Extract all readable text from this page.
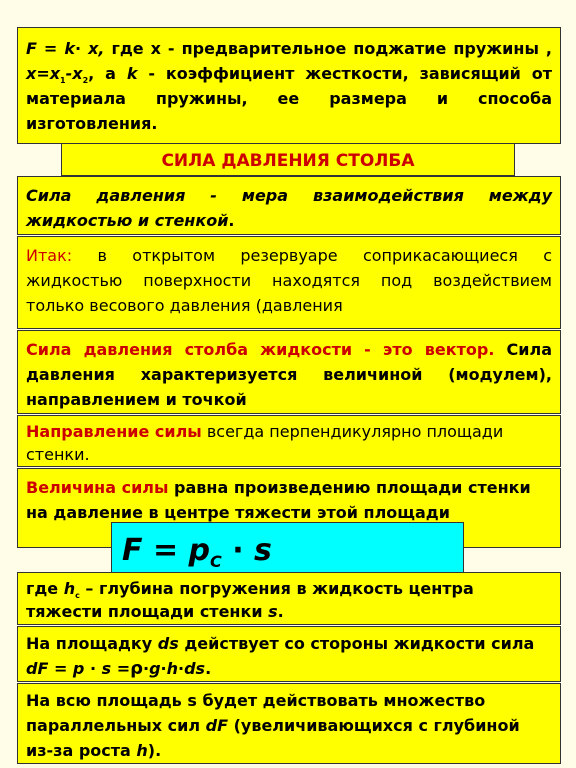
F = k· x, где x - предварительное поджатие пружины , $x=x_1-x_2$, а k - коэффициент жесткости, зависящий от материала пружины, ее размера и способа изготовления.

СИЛА ДАВЛЕНИЯ СТОЛБА

Сила давления - мера взаимодействия между жидкостью и стенкой.

Итак: в открытом резервуаре соприкасающиеся с жидкостью поверхности находятся под воздействием только весового давления (давления

Сила давления столба жидкости - это вектор. Сила давления характеризуется величиной (модулем), направлением и точкой

Направление силы всегда перпендикулярно площади стенки.

Величина силы равна произведению площади стенки на давление в центре тяжести этой площади

$F = p_C \cdot s$

где $h_c$ – глубина погружения в жидкость центра тяжести площади стенки s.

На площадку ds действует со стороны жидкости сила dF = p · s =ρ·g·h·ds.

На всю площадь s будет действовать множество параллельных сил dF (увеличивающихся с глубиной из-за роста h).
